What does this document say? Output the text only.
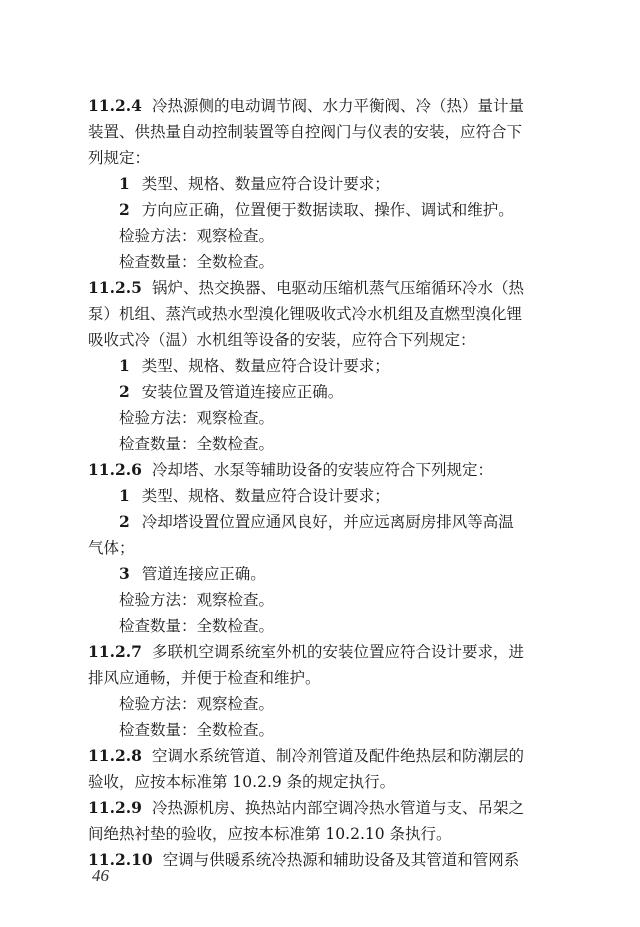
11.2.4 冷热源侧的电动调节阀、水力平衡阀、冷（热）量计量
装置、供热量自动控制装置等自控阀门与仪表的安装，应符合下
列规定：
1 类型、规格、数量应符合设计要求；
2 方向应正确，位置便于数据读取、操作、调试和维护。
检验方法：观察检查。
检查数量：全数检查。
11.2.5 锅炉、热交换器、电驱动压缩机蒸气压缩循环冷水（热
泵）机组、蒸汽或热水型溴化锂吸收式冷水机组及直燃型溴化锂
吸收式冷（温）水机组等设备的安装，应符合下列规定：
1 类型、规格、数量应符合设计要求；
2 安装位置及管道连接应正确。
检验方法：观察检查。
检查数量：全数检查。
11.2.6 冷却塔、水泵等辅助设备的安装应符合下列规定：
1 类型、规格、数量应符合设计要求；
2 冷却塔设置位置应通风良好，并应远离厨房排风等高温
气体；
3 管道连接应正确。
检验方法：观察检查。
检查数量：全数检查。
11.2.7 多联机空调系统室外机的安装位置应符合设计要求，进
排风应通畅，并便于检查和维护。
检验方法：观察检查。
检查数量：全数检查。
11.2.8 空调水系统管道、制冷剂管道及配件绝热层和防潮层的
验收，应按本标准第 10.2.9 条的规定执行。
11.2.9 冷热源机房、换热站内部空调冷热水管道与支、吊架之
间绝热衬垫的验收，应按本标准第 10.2.10 条执行。
11.2.10 空调与供暖系统冷热源和辅助设备及其管道和管网系
46
